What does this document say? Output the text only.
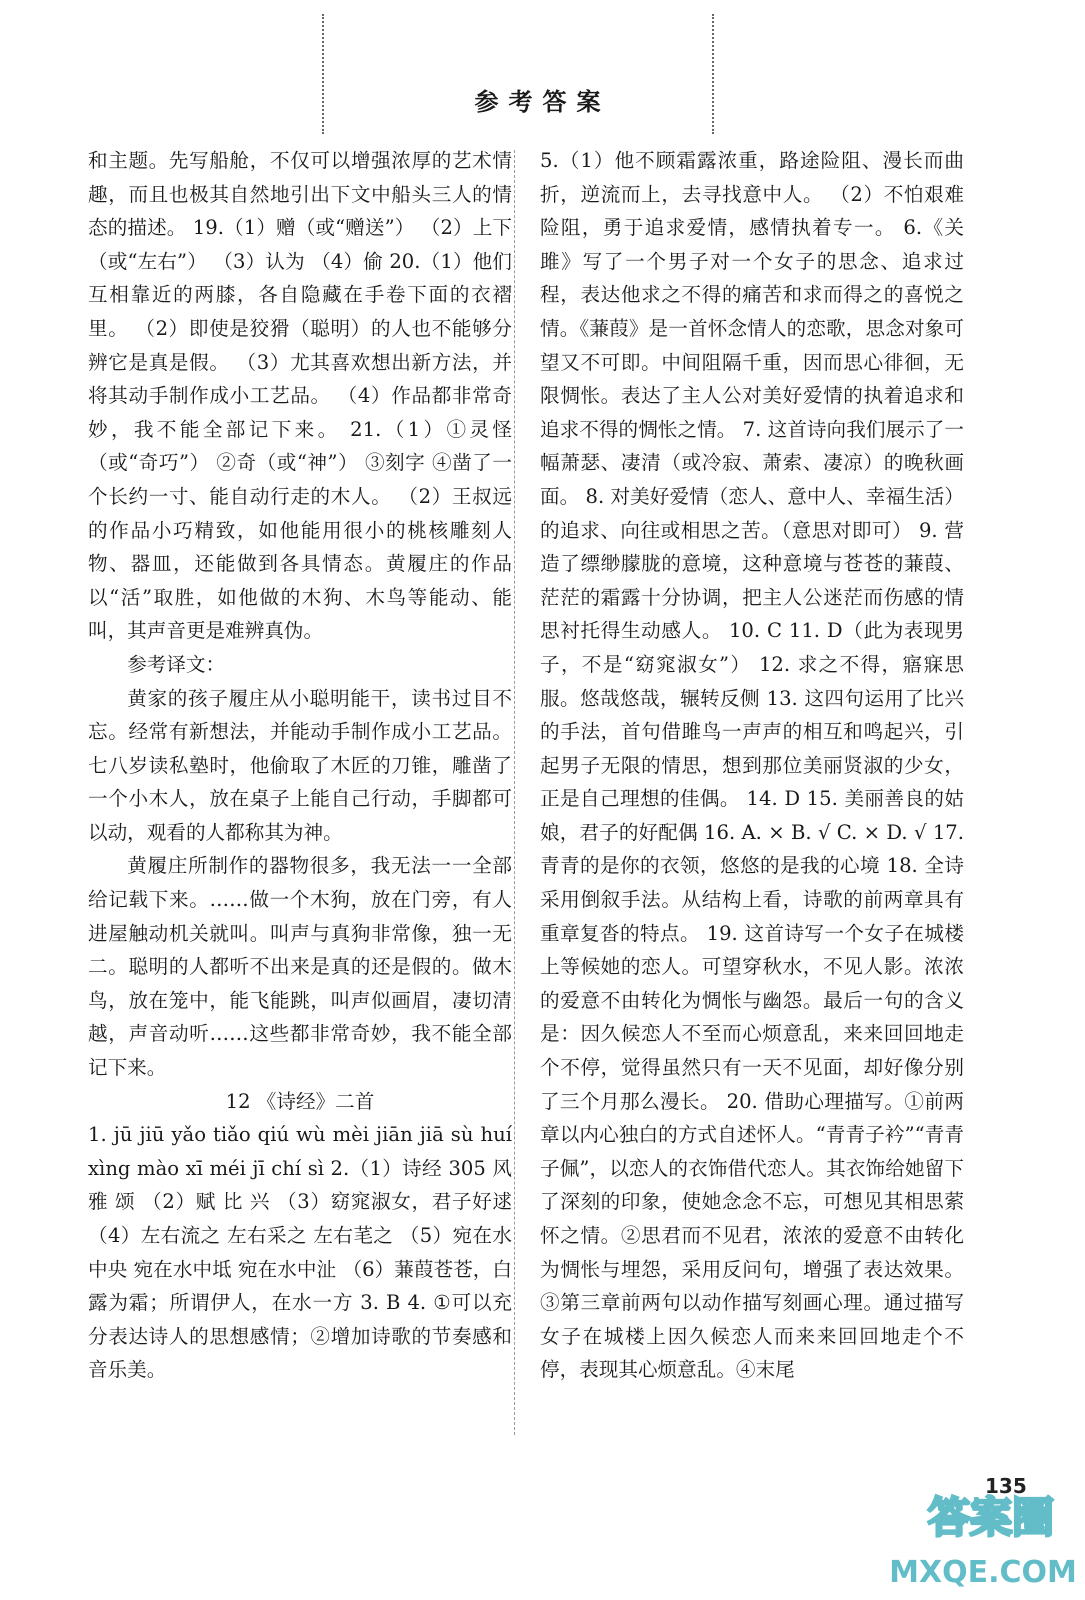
参考答案

和主题。先写船舱，不仅可以增强浓厚的艺术情趣，而且也极其自然地引出下文中船头三人的情态的描述。 19.（1）赠（或“赠送”） （2）上下（或“左右”） （3）认为 （4）偷 20.（1）他们互相靠近的两膝，各自隐藏在手卷下面的衣褶里。 （2）即使是狡猾（聪明）的人也不能够分辨它是真是假。 （3）尤其喜欢想出新方法，并将其动手制作成小工艺品。 （4）作品都非常奇妙，我不能全部记下来。 21.（1）①灵怪（或“奇巧”） ②奇（或“神”） ③刻字 ④凿了一个长约一寸、能自动行走的木人。 （2）王叔远的作品小巧精致，如他能用很小的桃核雕刻人物、器皿，还能做到各具情态。黄履庄的作品以“活”取胜，如他做的木狗、木鸟等能动、能叫，其声音更是难辨真伪。

参考译文：

黄家的孩子履庄从小聪明能干，读书过目不忘。经常有新想法，并能动手制作成小工艺品。七八岁读私塾时，他偷取了木匠的刀锥，雕凿了一个小木人，放在桌子上能自己行动，手脚都可以动，观看的人都称其为神。

黄履庄所制作的器物很多，我无法一一全部给记载下来。……做一个木狗，放在门旁，有人进屋触动机关就叫。叫声与真狗非常像，独一无二。聪明的人都听不出来是真的还是假的。做木鸟，放在笼中，能飞能跳，叫声似画眉，凄切清越，声音动听……这些都非常奇妙，我不能全部记下来。

12 《诗经》二首

1. jū jiū yǎo tiǎo qiú wù mèi jiān jiā sù huí xìng mào xī méi jī chí sì 2.（1）诗经 305 风 雅 颂 （2）赋 比 兴 （3）窈窕淑女，君子好逑 （4）左右流之 左右采之 左右芼之 （5）宛在水中央 宛在水中坻 宛在水中沚 （6）蒹葭苍苍，白露为霜；所谓伊人，在水一方 3. B 4. ①可以充分表达诗人的思想感情；②增加诗歌的节奏感和音乐美。

5.（1）他不顾霜露浓重，路途险阻、漫长而曲折，逆流而上，去寻找意中人。 （2）不怕艰难险阻，勇于追求爱情，感情执着专一。 6.《关雎》写了一个男子对一个女子的思念、追求过程，表达他求之不得的痛苦和求而得之的喜悦之情。《蒹葭》是一首怀念情人的恋歌，思念对象可望又不可即。中间阻隔千重，因而思心徘徊，无限惆怅。表达了主人公对美好爱情的执着追求和追求不得的惆怅之情。 7. 这首诗向我们展示了一幅萧瑟、凄清（或冷寂、萧索、凄凉）的晚秋画面。 8. 对美好爱情（恋人、意中人、幸福生活）的追求、向往或相思之苦。（意思对即可） 9. 营造了缥缈朦胧的意境，这种意境与苍苍的蒹葭、茫茫的霜露十分协调，把主人公迷茫而伤感的情思衬托得生动感人。 10. C 11. D（此为表现男子，不是“窈窕淑女”） 12. 求之不得，寤寐思服。悠哉悠哉，辗转反侧 13. 这四句运用了比兴的手法，首句借雎鸟一声声的相互和鸣起兴，引起男子无限的情思，想到那位美丽贤淑的少女，正是自己理想的佳偶。 14. D 15. 美丽善良的姑娘，君子的好配偶 16. A. × B. √ C. × D. √ 17. 青青的是你的衣领，悠悠的是我的心境 18. 全诗采用倒叙手法。从结构上看，诗歌的前两章具有重章复沓的特点。 19. 这首诗写一个女子在城楼上等候她的恋人。可望穿秋水，不见人影。浓浓的爱意不由转化为惆怅与幽怨。最后一句的含义是：因久候恋人不至而心烦意乱，来来回回地走个不停，觉得虽然只有一天不见面，却好像分别了三个月那么漫长。 20. 借助心理描写。①前两章以内心独白的方式自述怀人。“青青子衿”“青青子佩”，以恋人的衣饰借代恋人。其衣饰给她留下了深刻的印象，使她念念不忘，可想见其相思萦怀之情。②思君而不见君，浓浓的爱意不由转化为惆怅与埋怨，采用反问句，增强了表达效果。③第三章前两句以动作描写刻画心理。通过描写女子在城楼上因久候恋人而来来回回地走个不停，表现其心烦意乱。④末尾

135
答案圈
MXQE.COM
